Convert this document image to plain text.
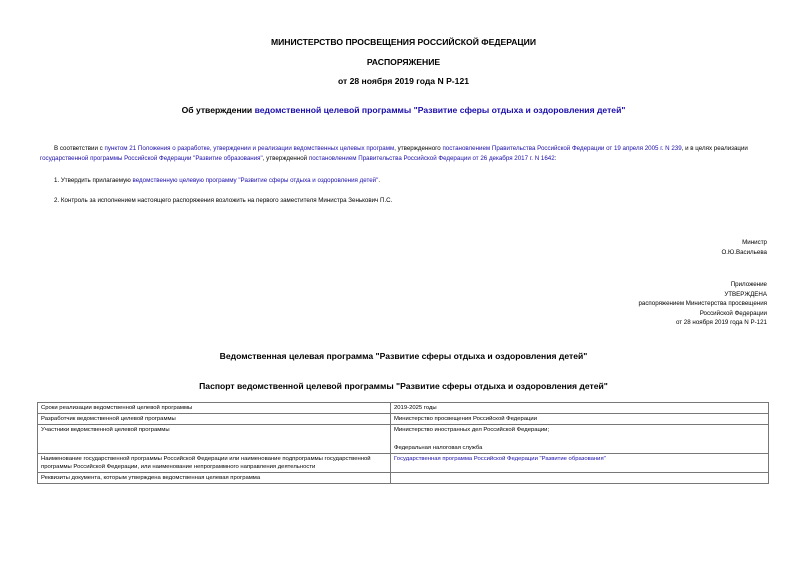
МИНИСТЕРСТВО ПРОСВЕЩЕНИЯ РОССИЙСКОЙ ФЕДЕРАЦИИ
РАСПОРЯЖЕНИЕ
от 28 ноября 2019 года N Р-121
Об утверждении ведомственной целевой программы "Развитие сферы отдыха и оздоровления детей"
В соответствии с пунктом 21 Положения о разработке, утверждении и реализации ведомственных целевых программ, утвержденного постановлением Правительства Российской Федерации от 19 апреля 2005 г. N 239, и в целях реализации государственной программы Российской Федерации "Развитие образования", утвержденной постановлением Правительства Российской Федерации от 26 декабря 2017 г. N 1642:
1. Утвердить прилагаемую ведомственную целевую программу "Развитие сферы отдыха и оздоровления детей".
2. Контроль за исполнением настоящего распоряжения возложить на первого заместителя Министра Зенькович П.С.
Министр
О.Ю.Васильева
Приложение
УТВЕРЖДЕНА
распоряжением Министерства просвещения
Российской Федерации
от 28 ноября 2019 года N Р-121
Ведомственная целевая программа "Развитие сферы отдыха и оздоровления детей"
Паспорт ведомственной целевой программы "Развитие сферы отдыха и оздоровления детей"
Сроки реализации ведомственной целевой программы	2019-2025 годы
Разработчик ведомственной целевой программы	Министерство просвещения Российской Федерации
Участники ведомственной целевой программы	Министерство иностранных дел Российской Федерации;
Федеральная налоговая служба

Наименование государственной программы Российской Федерации или наименование подпрограммы государственной программы Российской Федерации, или наименование непрограммного направления деятельности	Государственная программа Российской Федерации "Развитие образования"
Реквизиты документа, которым утверждена ведомственная целевая программа	
